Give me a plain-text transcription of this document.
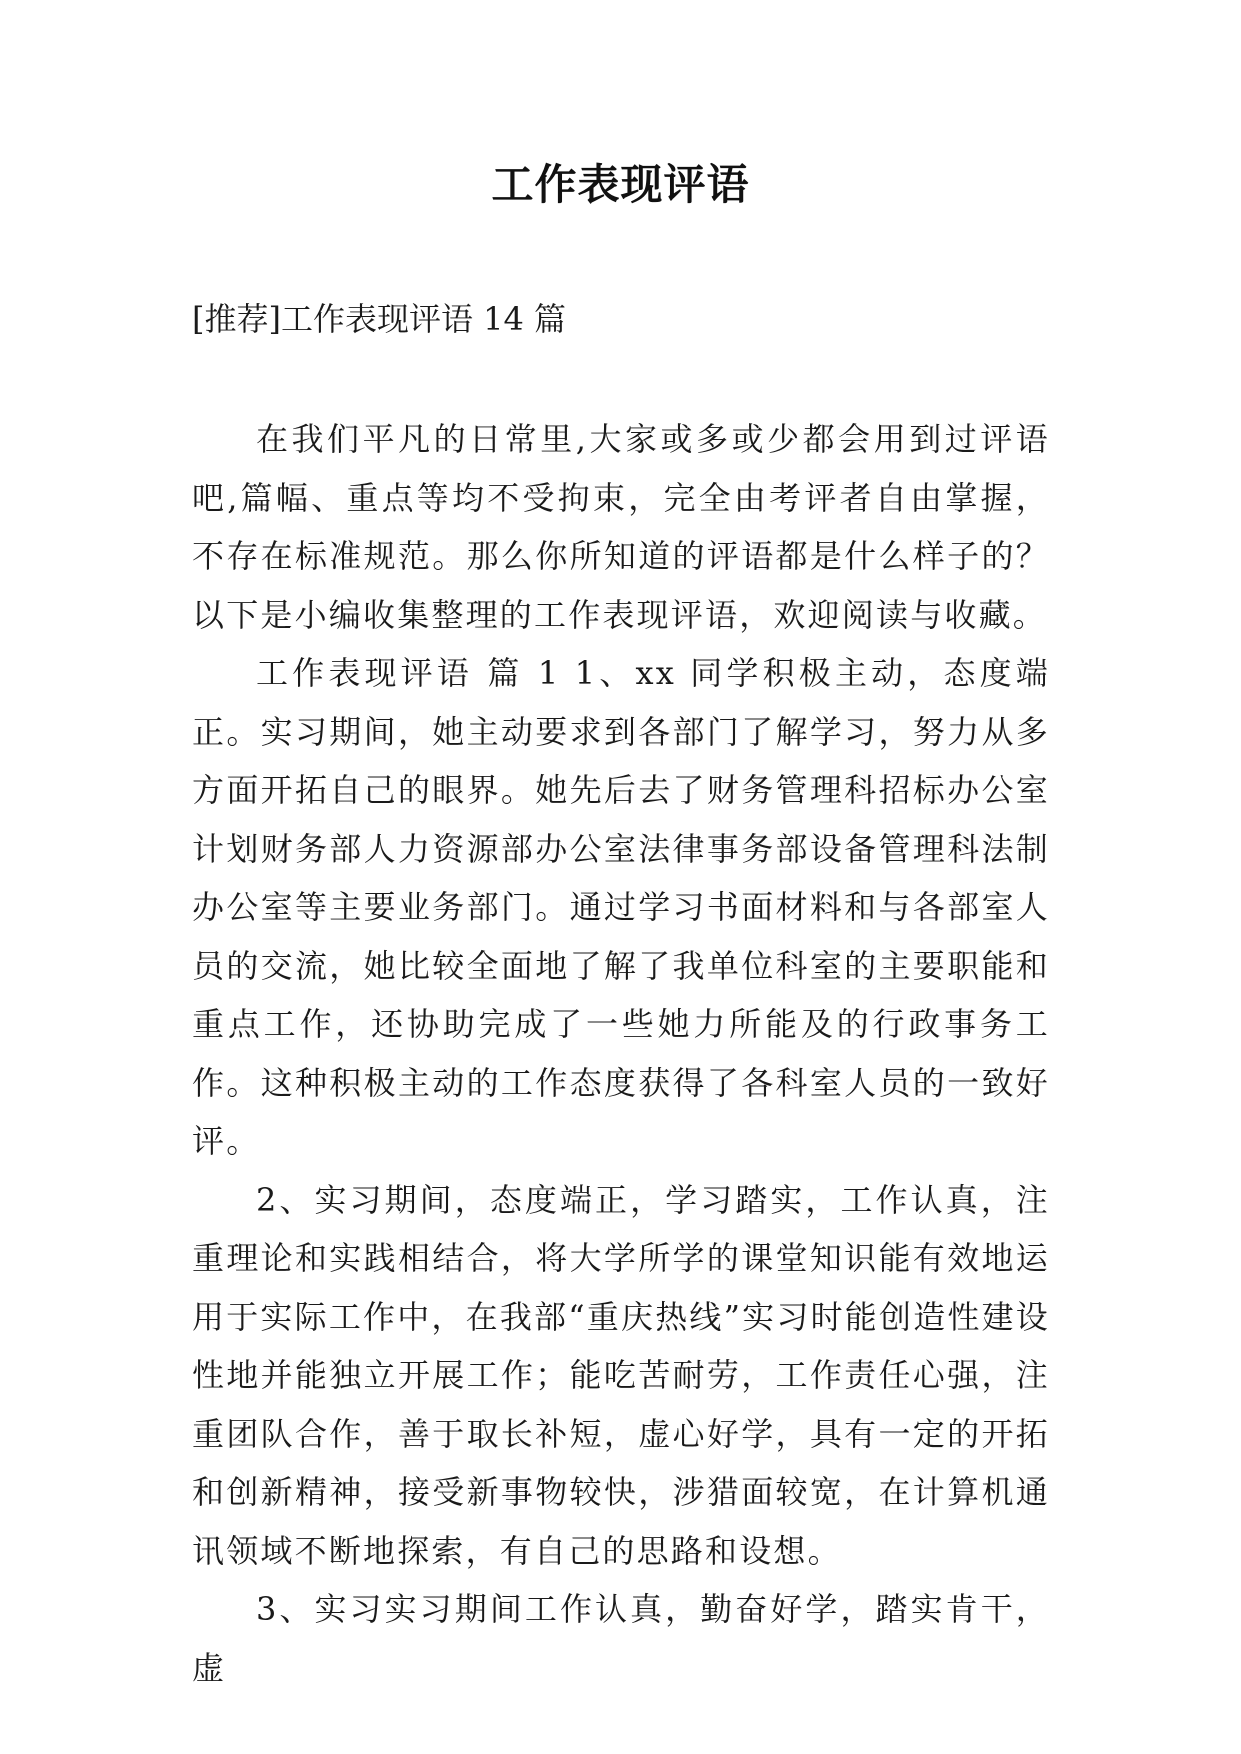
工作表现评语

[推荐]工作表现评语 14 篇

在我们平凡的日常里,大家或多或少都会用到过评语吧,篇幅、重点等均不受拘束，完全由考评者自由掌握，不存在标准规范。那么你所知道的评语都是什么样子的？以下是小编收集整理的工作表现评语，欢迎阅读与收藏。

工作表现评语 篇 1 1、xx 同学积极主动，态度端正。实习期间，她主动要求到各部门了解学习，努力从多方面开拓自己的眼界。她先后去了财务管理科招标办公室计划财务部人力资源部办公室法律事务部设备管理科法制办公室等主要业务部门。通过学习书面材料和与各部室人员的交流，她比较全面地了解了我单位科室的主要职能和重点工作，还协助完成了一些她力所能及的行政事务工作。这种积极主动的工作态度获得了各科室人员的一致好评。

2、实习期间，态度端正，学习踏实，工作认真，注重理论和实践相结合，将大学所学的课堂知识能有效地运用于实际工作中，在我部“重庆热线”实习时能创造性建设性地并能独立开展工作；能吃苦耐劳，工作责任心强，注重团队合作，善于取长补短，虚心好学，具有一定的开拓和创新精神，接受新事物较快，涉猎面较宽，在计算机通讯领域不断地探索，有自己的思路和设想。

3、实习实习期间工作认真，勤奋好学，踏实肯干，虚
